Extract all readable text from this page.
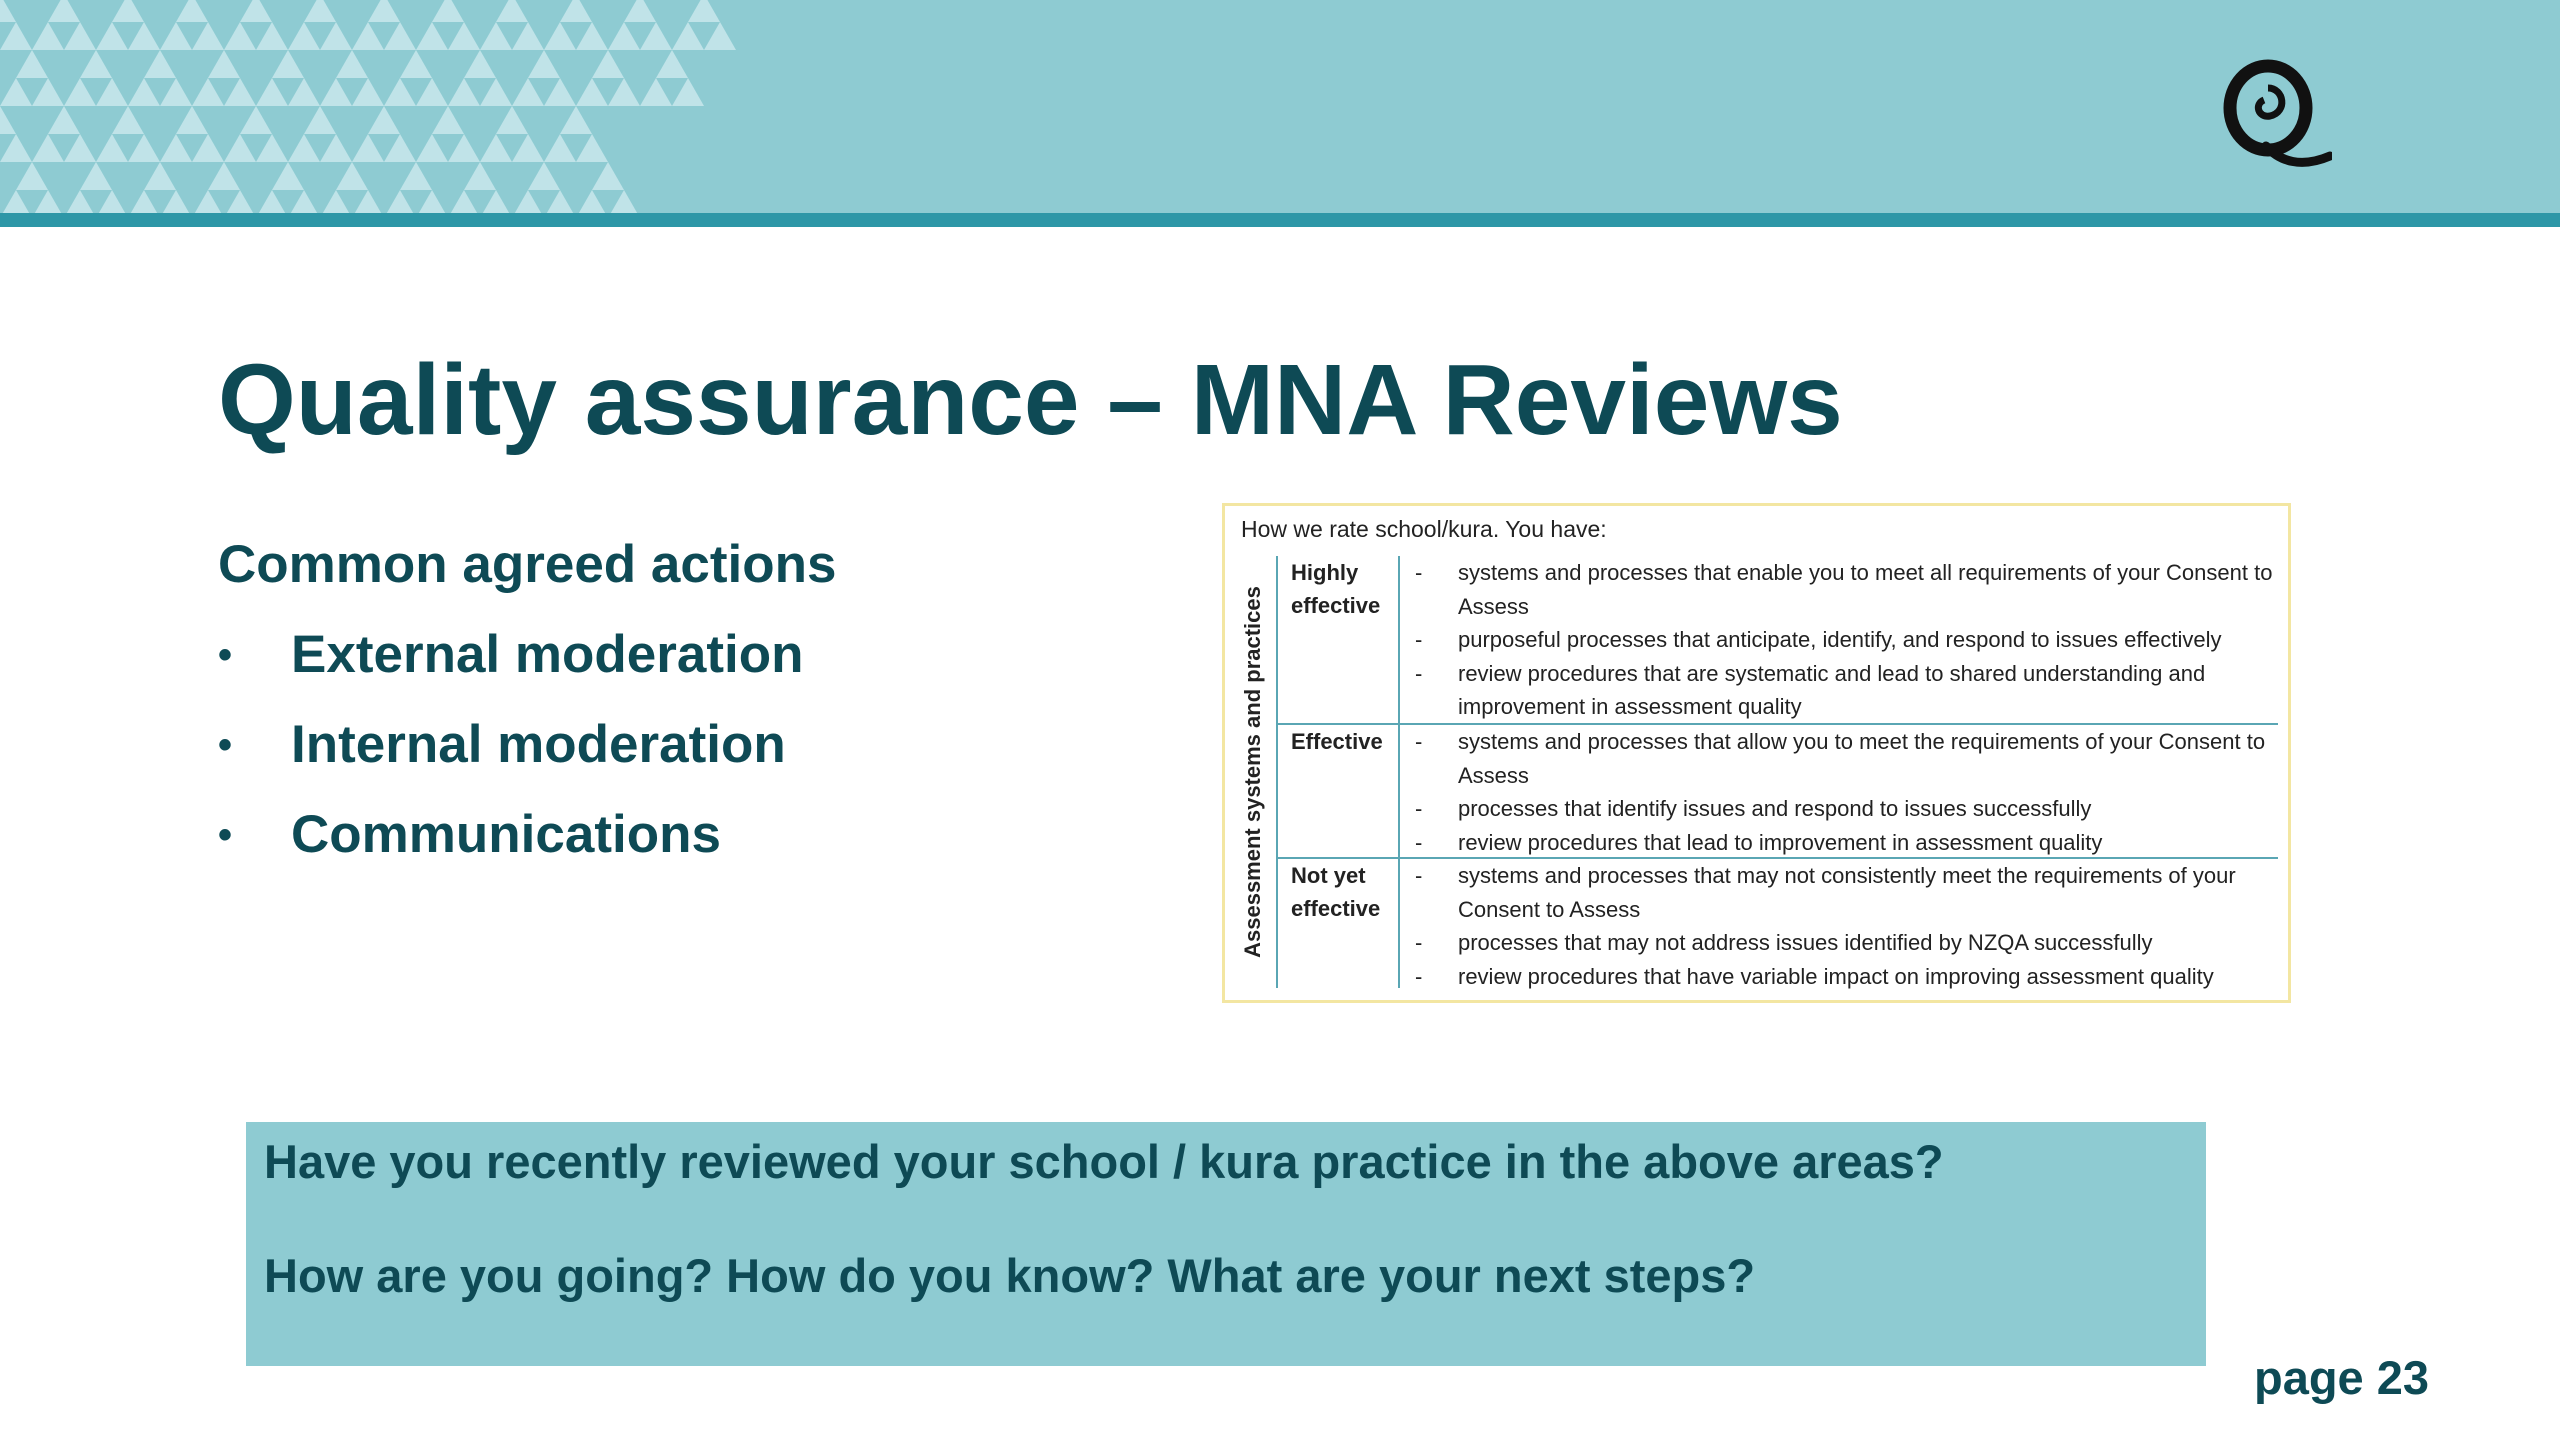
Quality assurance – MNA Reviews
Common agreed actions
• External moderation
• Internal moderation
• Communications
How we rate school/kura. You have:
Assessment systems and practices
Highly
effective
- systems and processes that enable you to meet all requirements of your Consent to Assess
- purposeful processes that anticipate, identify, and respond to issues effectively
- review procedures that are systematic and lead to shared understanding and improvement in assessment quality
Effective	- systems and processes that allow you to meet the requirements of your Consent to Assess
- processes that identify issues and respond to issues successfully
- review procedures that lead to improvement in assessment quality
Not yet
effective
- systems and processes that may not consistently meet the requirements of your Consent to Assess
- processes that may not address issues identified by NZQA successfully
- review procedures that have variable impact on improving assessment quality
Have you recently reviewed your school / kura practice in the above areas?
How are you going? How do you know? What are your next steps?
page 23
